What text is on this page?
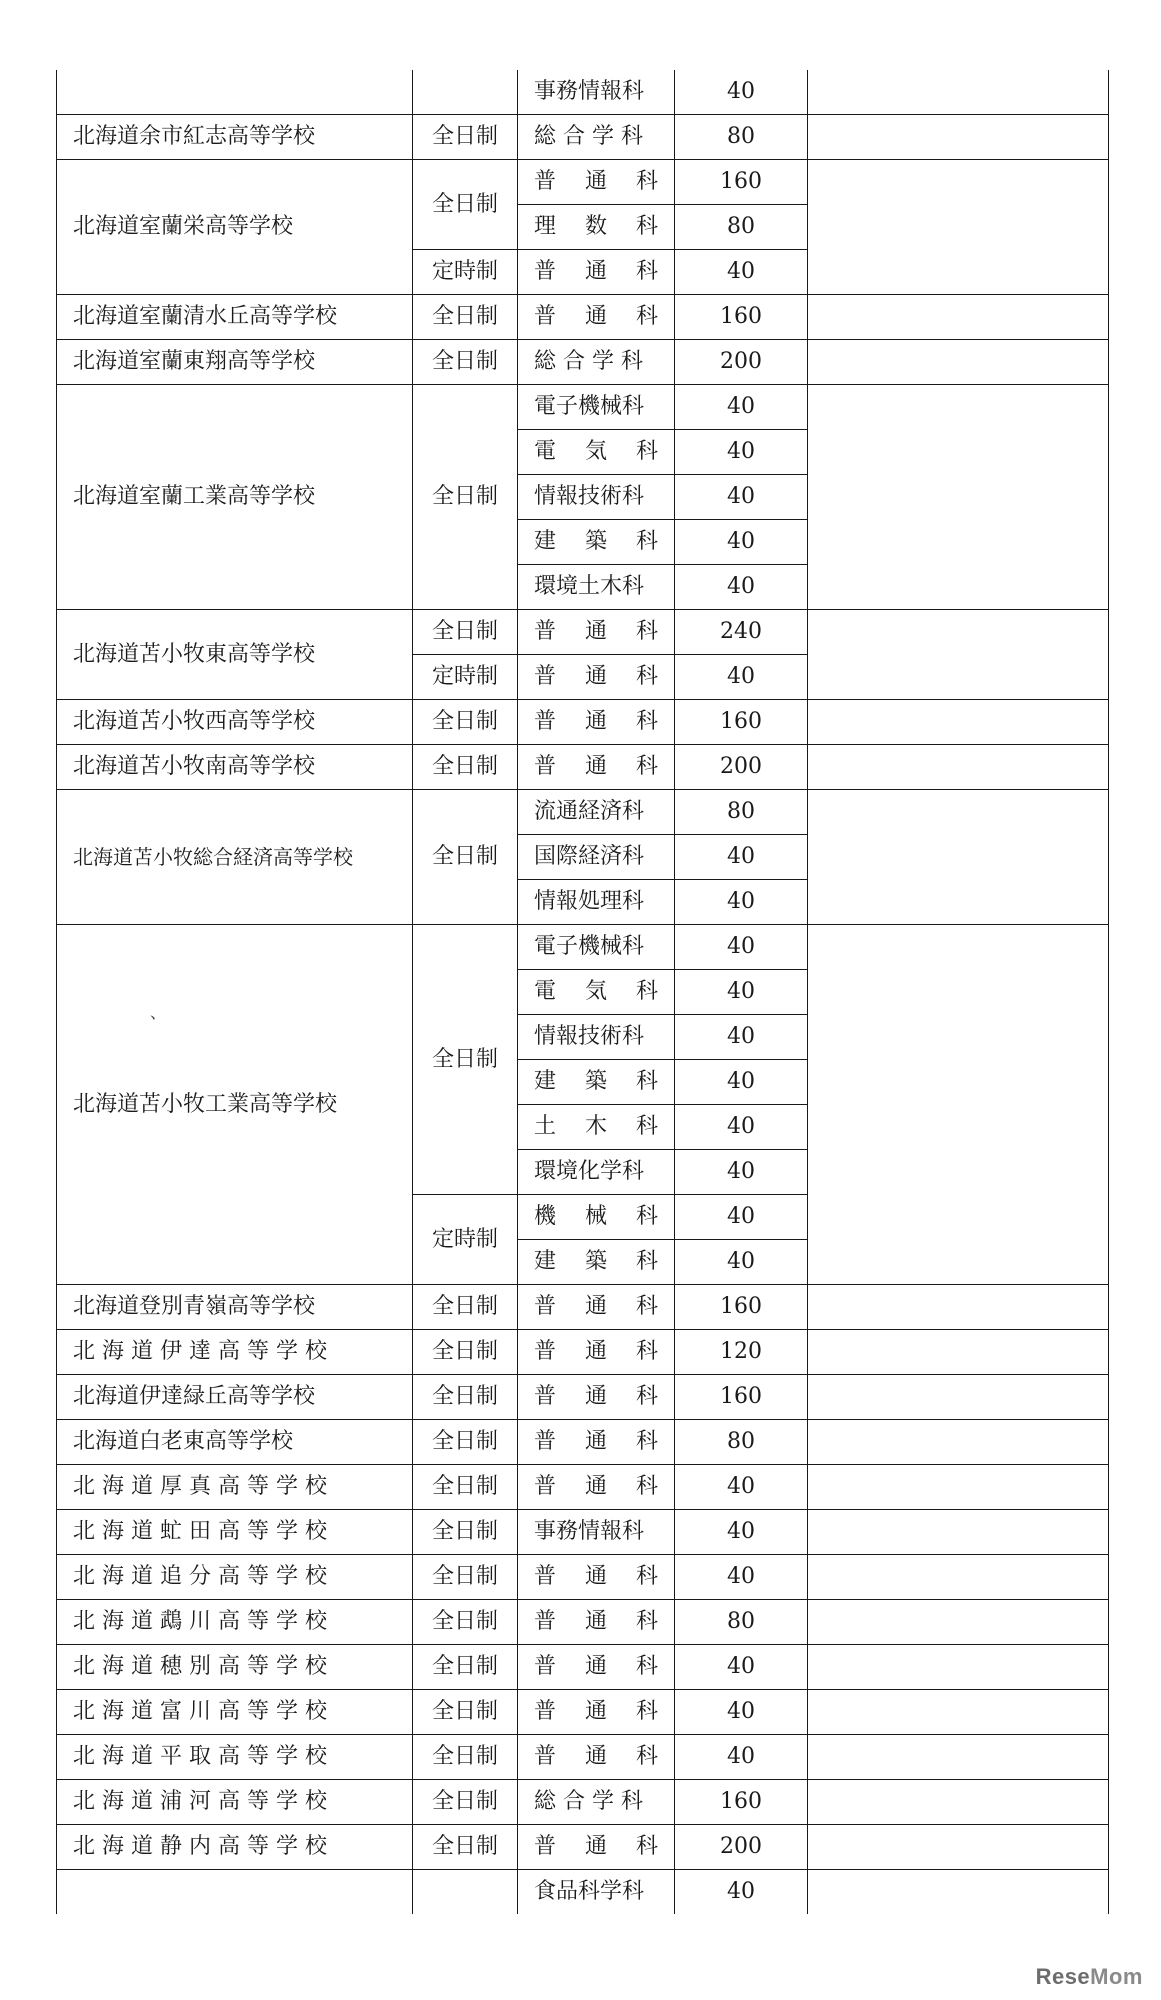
		事務情報科	40	
北海道余市紅志高等学校	全日制	総 合 学 科	80	
北海道室蘭栄高等学校	全日制	普　 通　 科	160	
		理　 数　 科	80	
	定時制	普　 通　 科	40	
北海道室蘭清水丘高等学校	全日制	普　 通　 科	160	
北海道室蘭東翔高等学校	全日制	総 合 学 科	200	
北海道室蘭工業高等学校	全日制	電子機械科	40	
		電　 気　 科	40	
		情報技術科	40	
		建　 築　 科	40	
		環境土木科	40	
北海道苫小牧東高等学校	全日制	普　 通　 科	240	
	定時制	普　 通　 科	40	
北海道苫小牧西高等学校	全日制	普　 通　 科	160	
北海道苫小牧南高等学校	全日制	普　 通　 科	200	
北海道苫小牧総合経済高等学校	全日制	流通経済科	80	
		国際経済科	40	
		情報処理科	40	
北海道苫小牧工業高等学校	全日制	電子機械科	40	
		電　 気　 科	40	
		情報技術科	40	
		建　 築　 科	40	
		土　 木　 科	40	
		環境化学科	40	
	定時制	機　 械　 科	40	
		建　 築　 科	40	
北海道登別青嶺高等学校	全日制	普　 通　 科	160	
北 海 道 伊 達 高 等 学 校	全日制	普　 通　 科	120	
北海道伊達緑丘高等学校	全日制	普　 通　 科	160	
北海道白老東高等学校	全日制	普　 通　 科	80	
北 海 道 厚 真 高 等 学 校	全日制	普　 通　 科	40	
北 海 道 虻 田 高 等 学 校	全日制	事務情報科	40	
北 海 道 追 分 高 等 学 校	全日制	普　 通　 科	40	
北 海 道 鵡 川 高 等 学 校	全日制	普　 通　 科	80	
北 海 道 穂 別 高 等 学 校	全日制	普　 通　 科	40	
北 海 道 富 川 高 等 学 校	全日制	普　 通　 科	40	
北 海 道 平 取 高 等 学 校	全日制	普　 通　 科	40	
北 海 道 浦 河 高 等 学 校	全日制	総 合 学 科	160	
北 海 道 静 内 高 等 学 校	全日制	普　 通　 科	200	
		食品科学科	40	
、
ReseMom
